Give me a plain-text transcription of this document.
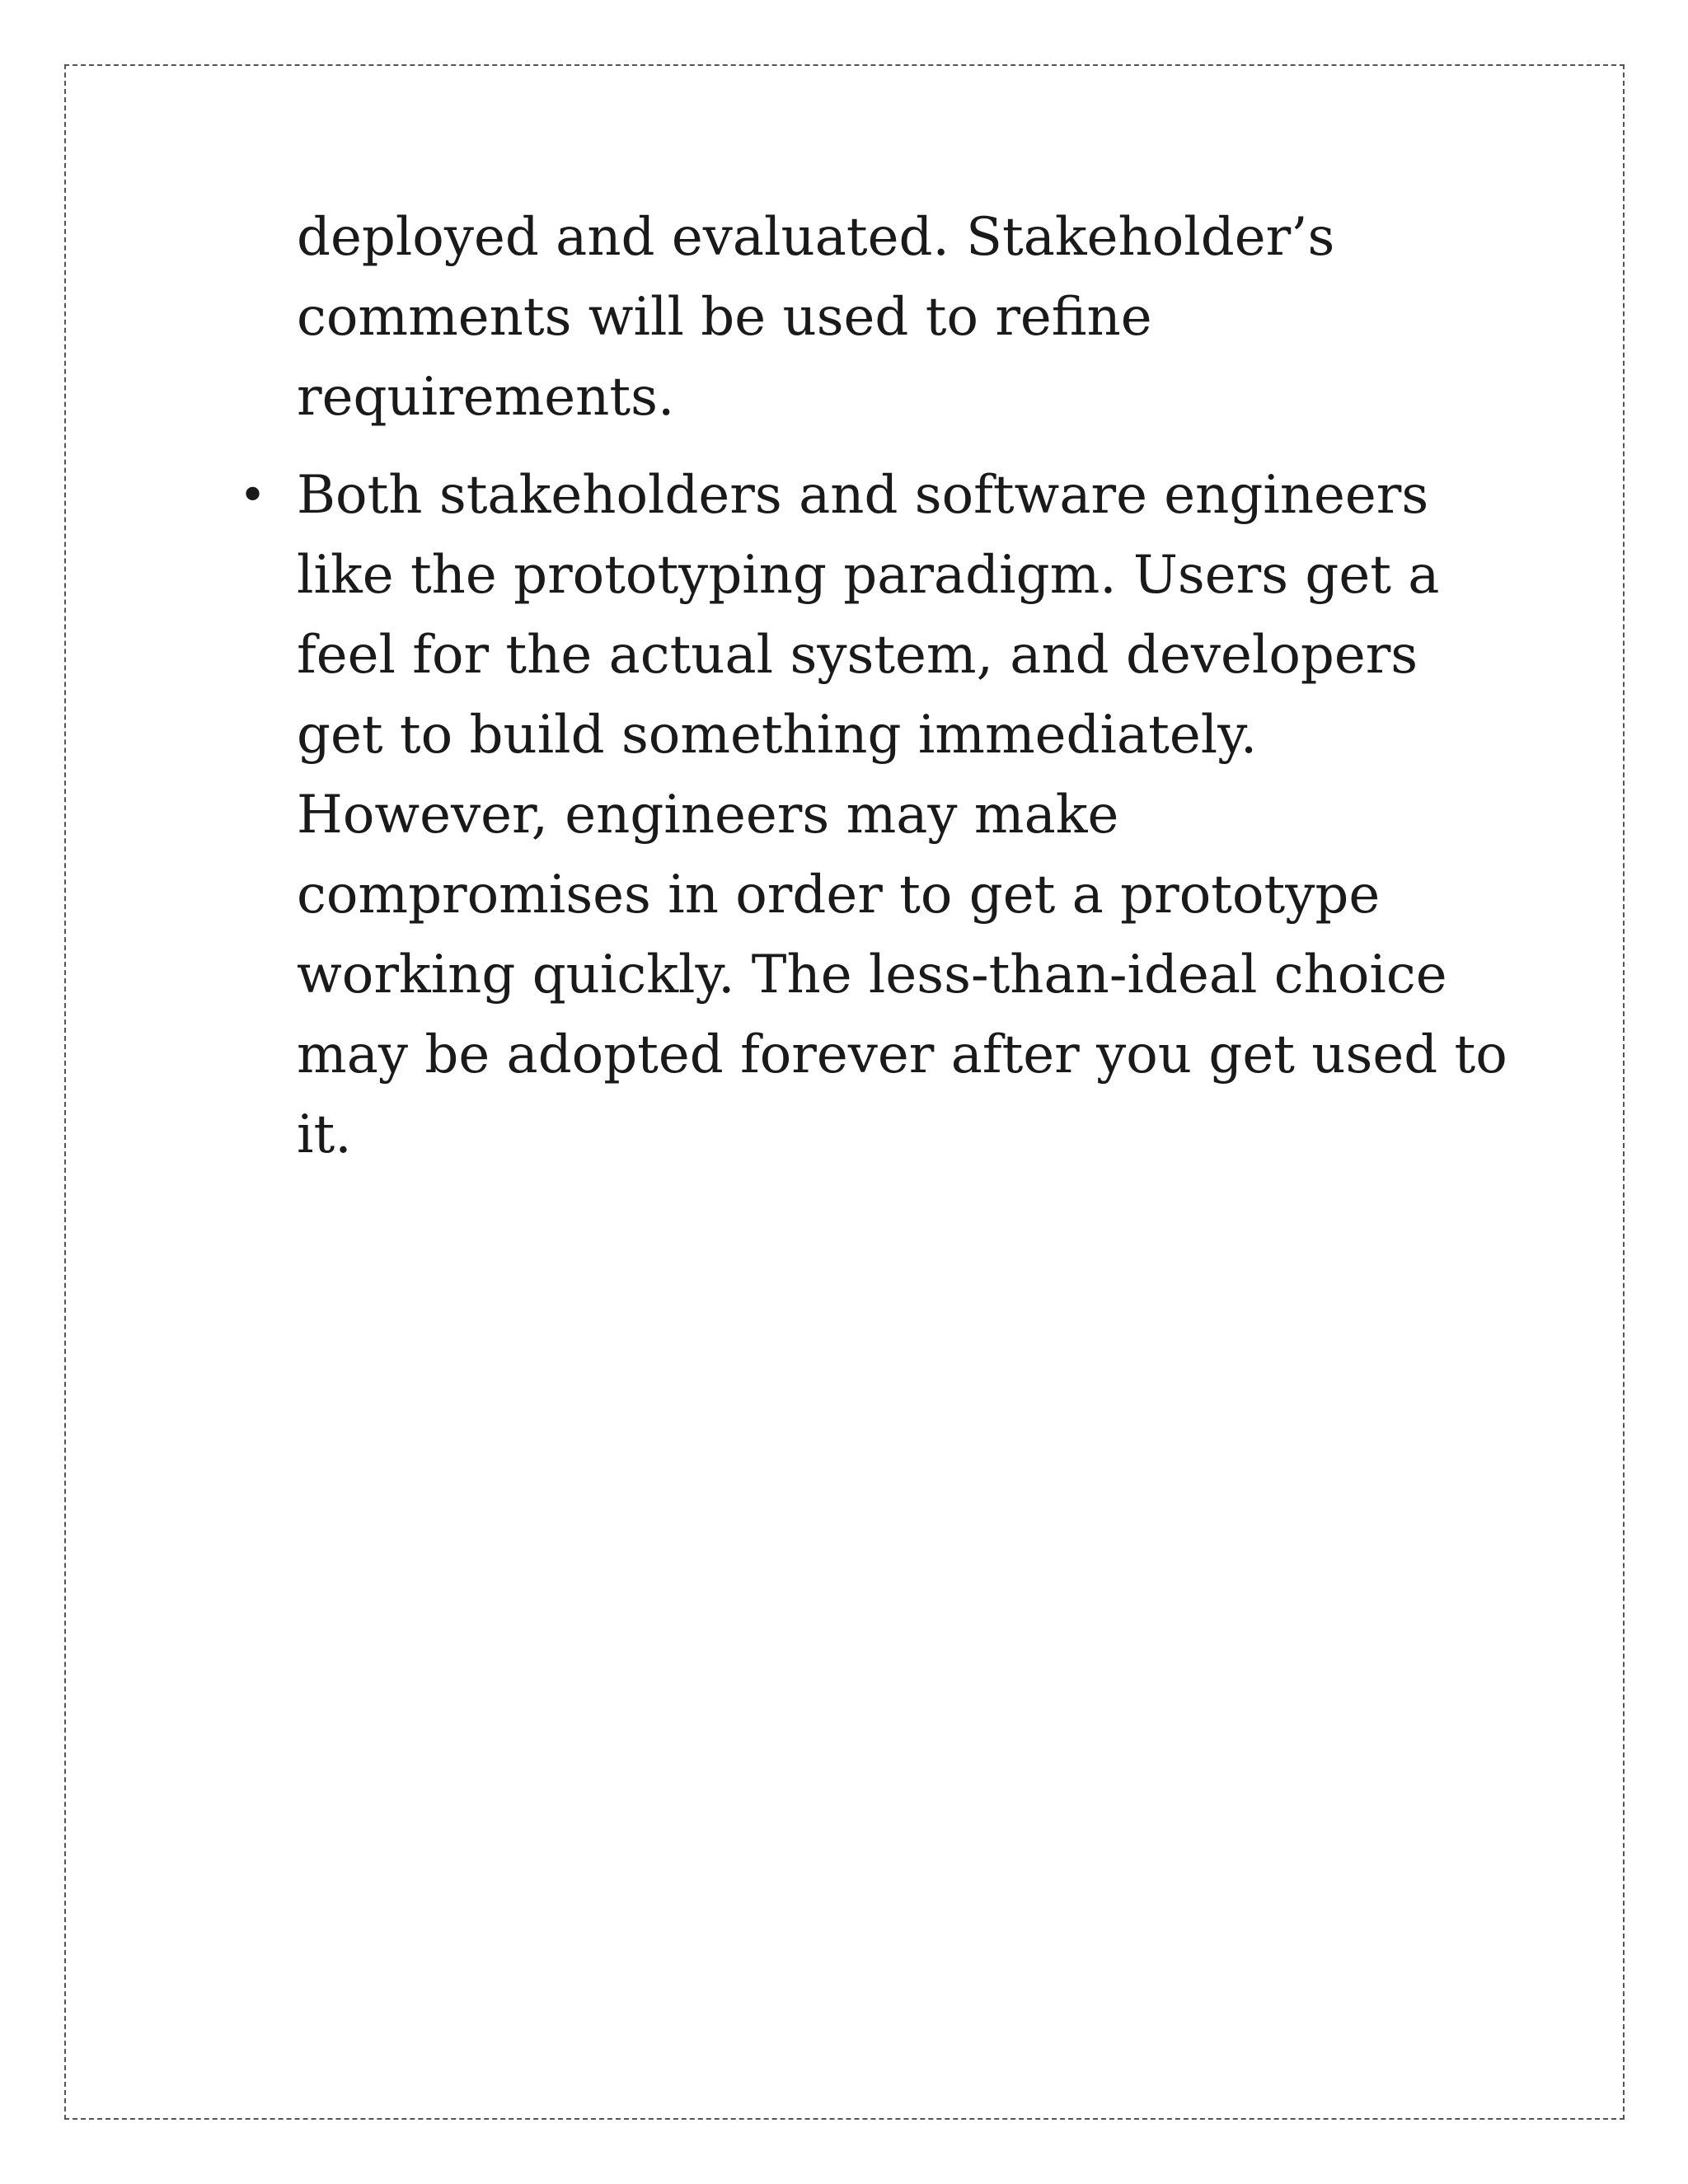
deployed and evaluated. Stakeholder’s
comments will be used to refine
requirements.
• Both stakeholders and software engineers
like the prototyping paradigm. Users get a
feel for the actual system, and developers
get to build something immediately.
However, engineers may make
compromises in order to get a prototype
working quickly. The less-than-ideal choice
may be adopted forever after you get used to
it.
